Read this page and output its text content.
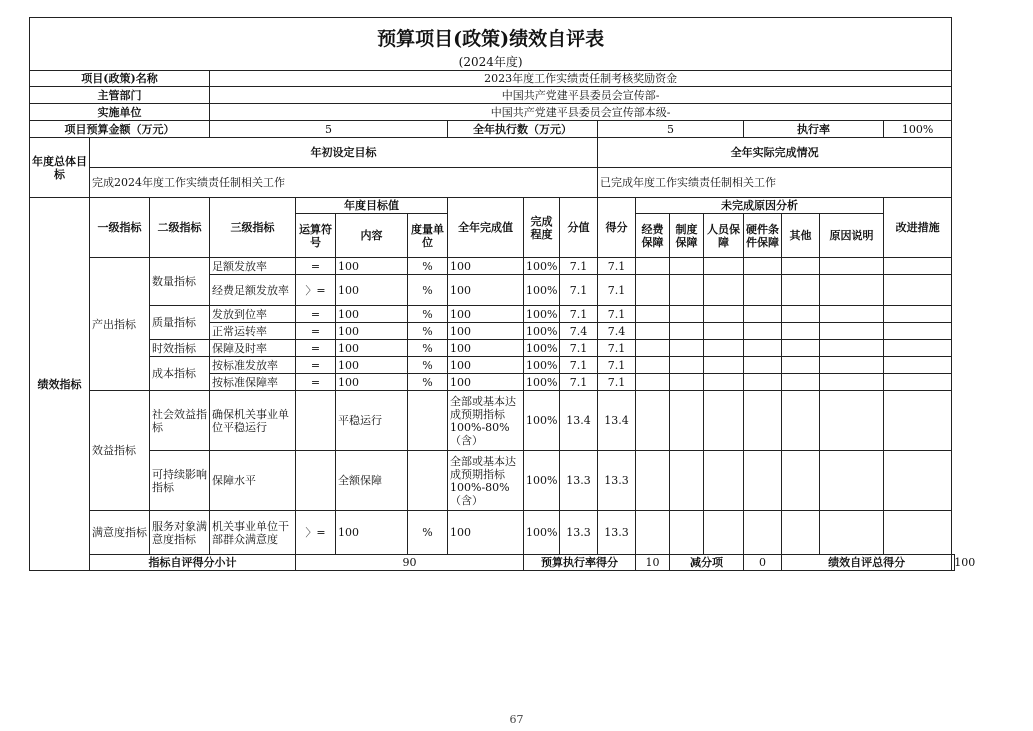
预算项目(政策)绩效自评表																		
(2024年度)																		
项目(政策)名称			2023年度工作实绩责任制考核奖励资金															
主管部门			中国共产党建平县委员会宣传部-															
实施单位			中国共产党建平县委员会宣传部本级-															
项目预算金额（万元）			5				全年执行数（万元）			5				执行率			100%	
年度总体目标	年初设定目标									全年实际完成情况								
	完成2024年度工作实绩责任制相关工作									已完成年度工作实绩责任制相关工作								
绩效指标	一级指标	二级指标	三级指标	年度目标值			全年完成值	完成程度	分值	得分	未完成原因分析						改进措施	
				运算符号	内容	度量单位					经费保障	制度保障	人员保障	硬件条件保障	其他	原因说明		
	产出指标	数量指标	足额发放率	=	100	%	100	100%	7.1	7.1								
			经费足额发放率	〉=	100	%	100	100%	7.1	7.1								
		质量指标	发放到位率	=	100	%	100	100%	7.1	7.1								
			正常运转率	=	100	%	100	100%	7.4	7.4								
		时效指标	保障及时率	=	100	%	100	100%	7.1	7.1								
		成本指标	按标准发放率	=	100	%	100	100%	7.1	7.1								
			按标准保障率	=	100	%	100	100%	7.1	7.1								
	效益指标	社会效益指标	确保机关事业单位平稳运行		平稳运行		全部或基本达成预期指标100%-80%（含）	100%	13.4	13.4								
		可持续影响指标	保障水平		全额保障		全部或基本达成预期指标100%-80%（含）	100%	13.3	13.3								
	满意度指标	服务对象满意度指标	机关事业单位干部群众满意度	〉=	100	%	100	100%	13.3	13.3								
	指标自评得分小计			90				预算执行率得分			10	减分项		0	绩效自评总得分			100
67
